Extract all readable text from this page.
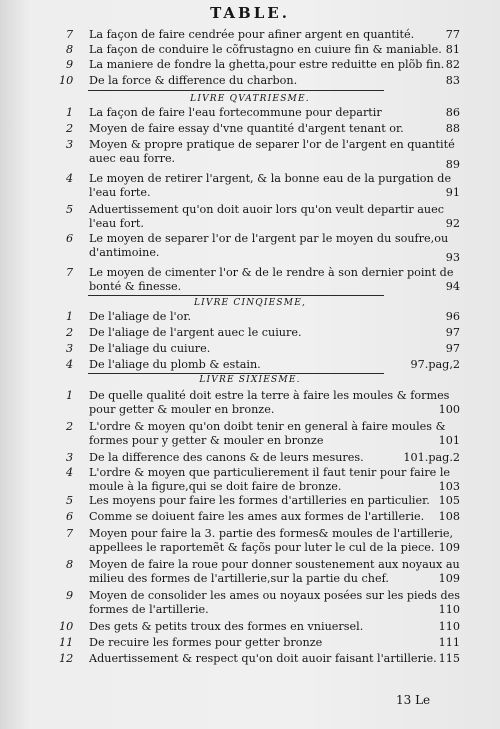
TABLE.
7	La façon de faire cendrée pour afiner argent en quantité.	77
8	La façon de conduire le cõfrustagno en cuiure fin & maniable. 81
9	La maniere de fondre la ghetta,pour estre reduitte en plõb fin. 82
10	De la force & difference du charbon.	83
LIVRE QVATRIESME.
1	La façon de faire l'eau fortecommune pour departir	86
2	Moyen de faire essay d'vne quantité d'argent tenant or.	88
3	Moyen & propre pratique de separer l'or de l'argent en quantité
auec eau forre.	89
4	Le moyen de retirer l'argent, & la bonne eau de la purgation de
l'eau forte.	91
5	Aduertissement qu'on doit auoir lors qu'on veult departir auec
l'eau fort.	92
6	Le moyen de separer l'or de l'argent par le moyen du soufre,ou
d'antimoine.	93
7	Le moyen de cimenter l'or & de le rendre à son dernier point de
bonté & finesse.	94
LIVRE CINQIESME,
1	De l'aliage de l'or.	96
2	De l'aliage de l'argent auec le cuiure.	97
3	De l'aliage du cuiure.	97
4	De l'aliage du plomb & estain.	97.pag,2
LIVRE SIXIESME.
1	De quelle qualité doit estre la terre à faire les moules & formes
pour getter & mouler en bronze.	100
2	L'ordre & moyen qu'on doibt tenir en general à faire moules &
formes pour y getter & mouler en bronze	101
3	De la difference des canons & de leurs mesures.	101.pag.2
4	L'ordre & moyen que particulierement il faut tenir pour faire le
moule à la figure,qui se doit faire de bronze.	103
5	Les moyens pour faire les formes d'artilleries en particulier. 105
6	Comme se doiuent faire les ames aux formes de l'artillerie.	108
7	Moyen pour faire la 3. partie des formes& moules de l'artillerie,
appellees le raportemẽt & façõs pour luter le cul de la piece. 109
8	Moyen de faire la roue pour donner soustenement aux noyaux au
milieu des formes de l'artillerie,sur la partie du chef.	109
9	Moyen de consolider les ames ou noyaux posées sur les pieds des
formes de l'artillerie.	110
10	Des gets & petits troux des formes en vniuersel.	110
11	De recuire les formes pour getter bronze	111
12	Aduertissement & respect qu'on doit auoir faisant l'artillerie. 115
13 Le
